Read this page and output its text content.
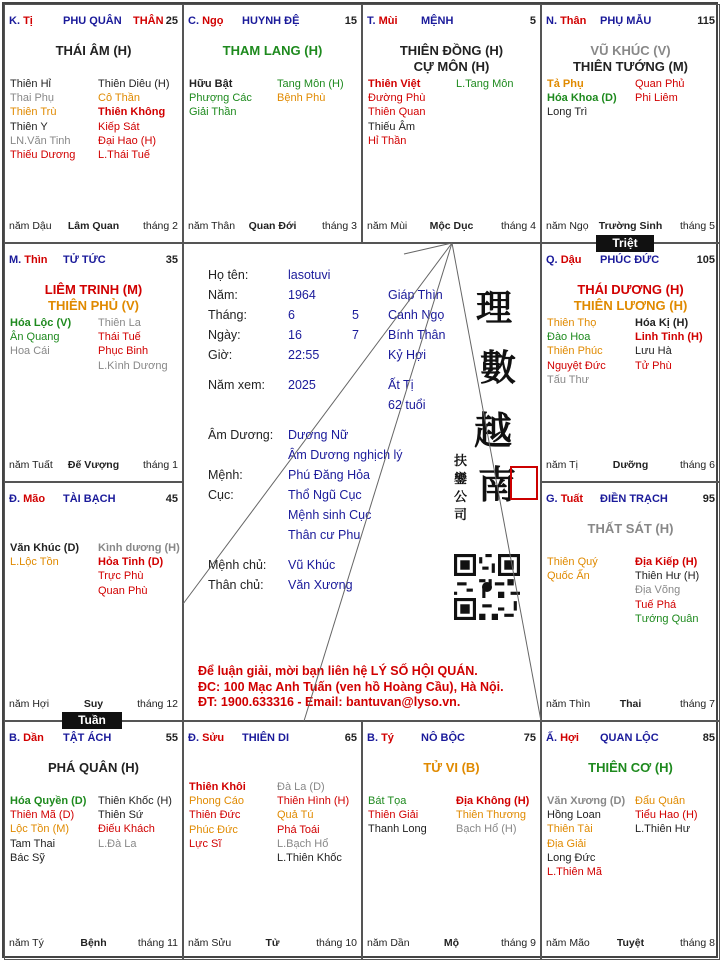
K. Tị	PHU QUÂN THÂN 25
THÁI ÂM (H)
Thiên Hỉ
Thai Phụ
Thiên Trù
Thiên Y
LN.Văn Tinh
Thiếu Dương
Thiên Diêu (H)
Cô Thần
Thiên Không
Kiếp Sát
Đại Hao (H)
L.Thái Tuế
năm Dậu	Lâm Quan	tháng 2
C. Ngọ HUYNH ĐỆ	15
THAM LANG (H)
Hữu Bật
Phượng Các
Giải Thần
Tang Môn (H)
Bệnh Phù
năm Thân	Quan Đới	tháng 3
T. Mùi MỆNH	5
THIÊN ĐỒNG (H)
CỰ MÔN (H)
Thiên Việt
Đường Phù
Thiên Quan
Thiếu Âm
Hỉ Thần
L.Tang Môn
năm Mùi	Mộc Dục	tháng 4
N. Thân PHỤ MẪU	115
VŨ KHÚC (V)
THIÊN TƯỚNG (M)
Tả Phụ
Hóa Khoa (D)
Long Trì
Quan Phủ
Phi Liêm
năm Ngọ Trường Sinh	tháng 5
M. Thìn TỬ TỨC	35
LIÊM TRINH (M)
THIÊN PHỦ (V)
Hóa Lộc (V)
Ân Quang
Hoa Cái
Thiên La
Thái Tuế
Phục Binh
L.Kình Dương
năm Tuất	Đế Vượng	tháng 1
Q. Dậu PHÚC ĐỨC	105
THÁI DƯƠNG (H)
THIÊN LƯƠNG (H)
Thiên Thọ
Đào Hoa
Thiên Phúc
Nguyệt Đức
Tấu Thư
Hóa Kị (H)
Linh Tinh (H)
Lưu Hà
Tử Phù
năm Tị	Dưỡng	tháng 6
Đ. Mão TÀI BẠCH	45
Văn Khúc (D)
L.Lộc Tồn
Kình dương (H)
Hỏa Tinh (D)
Trực Phù
Quan Phù
năm Hợi	Suy	tháng 12
G. Tuất ĐIỀN TRẠCH	95
THẤT SÁT (H)
Thiên Quý
Quốc Ấn
Địa Kiếp (H)
Thiên Hư (H)
Địa Võng
Tuế Phá
Tướng Quân
năm Thìn	Thai	tháng 7
B. Dần TẬT ÁCH	55
PHÁ QUÂN (H)
Hóa Quyền (D)
Thiên Mã (D)
Lộc Tồn (M)
Tam Thai
Bác Sỹ
Thiên Khốc (H)
Thiên Sứ
Điếu Khách
L.Đà La
năm Tý	Bệnh	tháng 11
Đ. Sửu THIÊN DI	65
Thiên Khôi
Phong Cáo
Thiên Đức
Phúc Đức
Lực Sĩ
Đà La (D)
Thiên Hình (H)
Quả Tú
Phá Toái
L.Bạch Hổ
L.Thiên Khốc
năm Sửu	Tử	tháng 10
B. Tý NÔ BỘC	75
TỬ VI (B)
Bát Tọa
Thiên Giải
Thanh Long
Địa Không (H)
Thiên Thương
Bạch Hổ (H)
năm Dần	Mộ	tháng 9
Ấ. Hợi QUAN LỘC	85
THIÊN CƠ (H)
Văn Xương (D)
Hồng Loan
Thiên Tài
Địa Giải
Long Đức
L.Thiên Mã
Đẩu Quân
Tiểu Hao (H)
L.Thiên Hư
năm Mão	Tuyệt	tháng 8
Họ tên:	lasotuvi
Năm:	1964	Giáp Thìn
Tháng:	6	5 Canh Ngọ
Ngày:	16	7 Bính Thân
Giờ:	22:55	Kỷ Hợi
Năm xem: 2025	Ất Tị
62 tuổi
Âm Dương: Dương Nữ
Âm Dương nghịch lý
Mệnh:	Phú Đăng Hỏa
Cục:	Thổ Ngũ Cục
Mệnh sinh Cục
Thân cư Phu
Mệnh chủ: Vũ Khúc
Thân chủ: Văn Xương
理
數
越
南
扶
鑾
公
司
Để luận giải, mời bạn liên hệ LÝ SỐ HỘI QUÁN.
ĐC: 100 Mạc Anh Tuấn (ven hồ Hoàng Cầu), Hà Nội.
ĐT: 1900.633316 - Email: bantuvan@lyso.vn.
Triệt
Tuần
